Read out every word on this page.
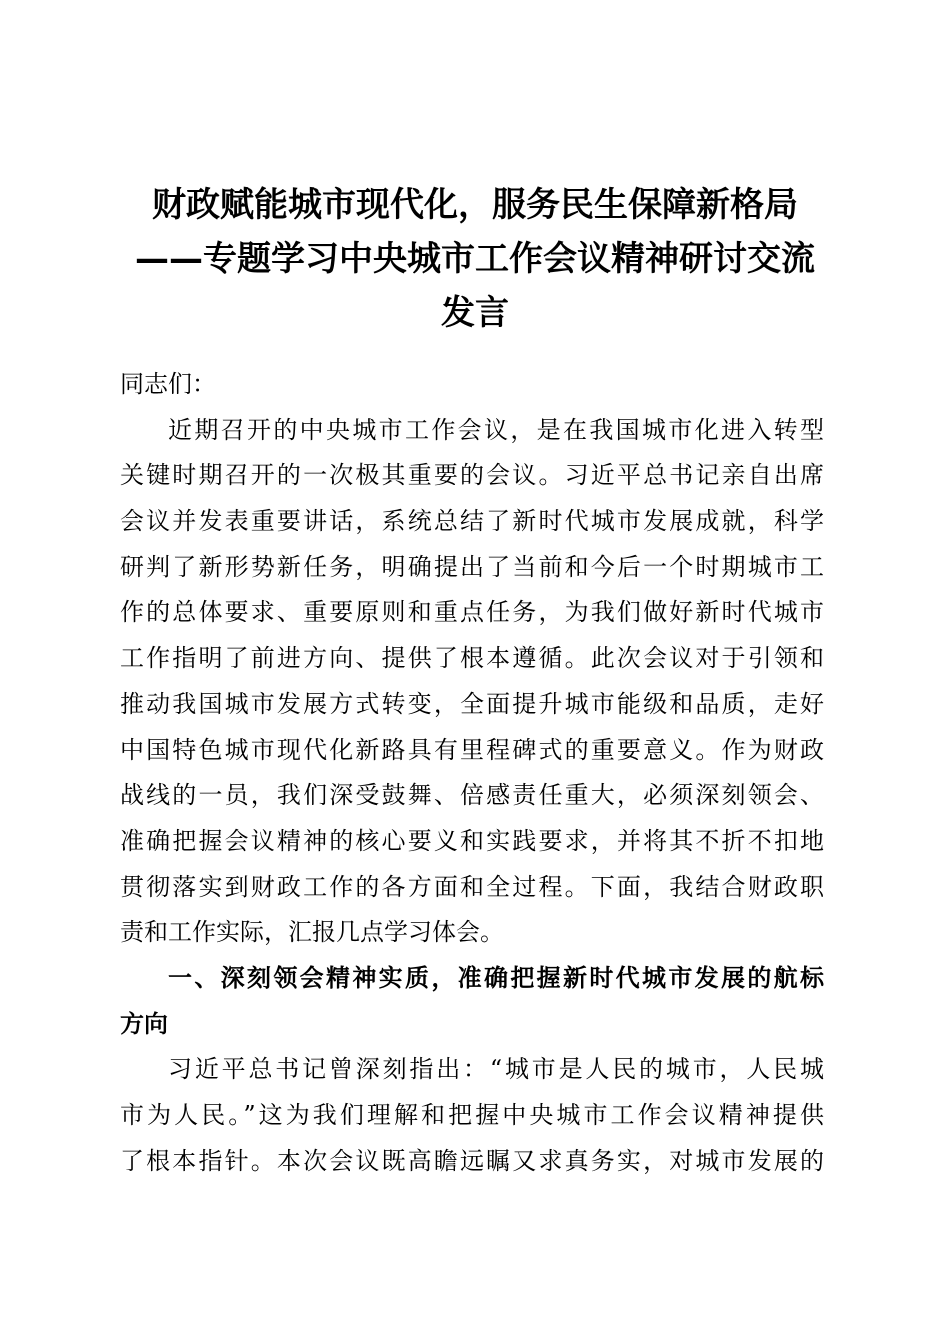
财政赋能城市现代化，服务民生保障新格局
——专题学习中央城市工作会议精神研讨交流
发言
同志们：
近期召开的中央城市工作会议，是在我国城市化进入转型
关键时期召开的一次极其重要的会议。习近平总书记亲自出席
会议并发表重要讲话，系统总结了新时代城市发展成就，科学
研判了新形势新任务，明确提出了当前和今后一个时期城市工
作的总体要求、重要原则和重点任务，为我们做好新时代城市
工作指明了前进方向、提供了根本遵循。此次会议对于引领和
推动我国城市发展方式转变，全面提升城市能级和品质，走好
中国特色城市现代化新路具有里程碑式的重要意义。作为财政
战线的一员，我们深受鼓舞、倍感责任重大，必须深刻领会、
准确把握会议精神的核心要义和实践要求，并将其不折不扣地
贯彻落实到财政工作的各方面和全过程。下面，我结合财政职
责和工作实际，汇报几点学习体会。
一、深刻领会精神实质，准确把握新时代城市发展的航标
方向
习近平总书记曾深刻指出：“城市是人民的城市，人民城
市为人民。”这为我们理解和把握中央城市工作会议精神提供
了根本指针。本次会议既高瞻远瞩又求真务实，对城市发展的
